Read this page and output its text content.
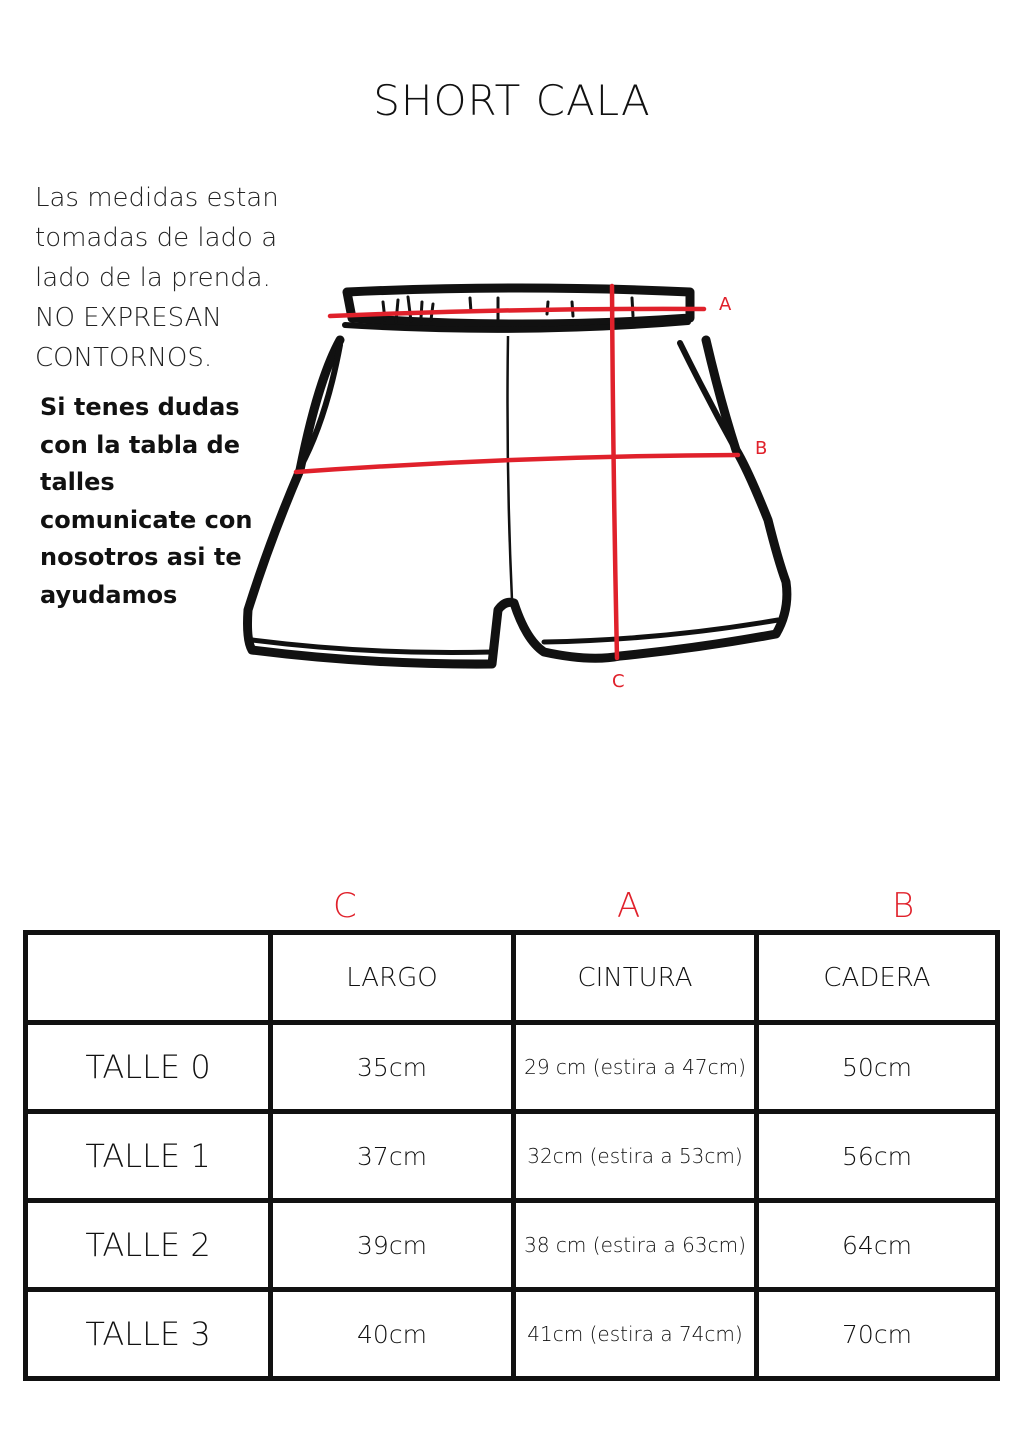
SHORT CALA
Las medidas estan
tomadas de lado a
lado de la prenda.
NO EXPRESAN
CONTORNOS.
Si tenes dudas
con la tabla de
talles
comunicate con
nosotros asi te
ayudamos
A
B
C
C	A	B
	LARGO	CINTURA	CADERA
TALLE 0	35cm	29 cm (estira a 47cm)	50cm
TALLE 1	37cm	32cm (estira a 53cm)	56cm
TALLE 2	39cm	38 cm (estira a 63cm)	64cm
TALLE 3	40cm	41cm (estira a 74cm)	70cm
